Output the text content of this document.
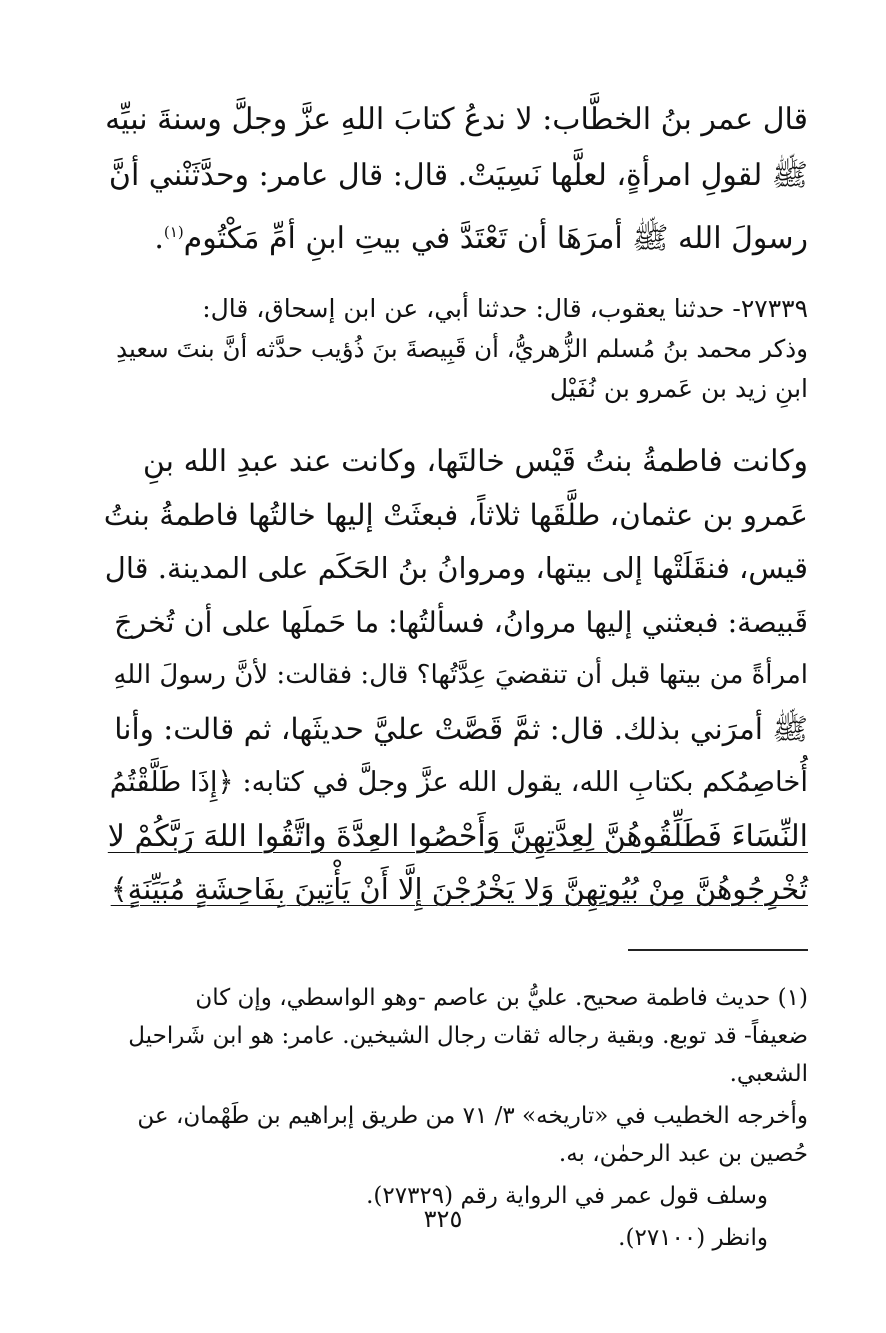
قال عمر بنُ الخطَّاب: لا ندعُ كتابَ اللهِ عزَّ وجلَّ وسنةَ نبيِّه
ﷺ لقولِ امرأةٍ، لعلَّها نَسِيَتْ. قال: قال عامر: وحدَّثَنْني أنَّ
رسولَ الله ﷺ أمرَهَا أن تَعْتَدَّ في بيتِ ابنِ أمِّ مَكْتُوم$^{(١)}$.
٢٧٣٣٩- حدثنا يعقوب، قال: حدثنا أبي، عن ابن إسحاق، قال:
وذكر محمد بنُ مُسلم الزُّهريُّ، أن قَبِيصةَ بنَ ذُؤيب حدَّثه أنَّ بنتَ سعيدِ
ابنِ زيد بن عَمرو بن نُفَيْل
وكانت فاطمةُ بنتُ قَيْس خالتَها، وكانت عند عبدِ الله بنِ
عَمرو بن عثمان، طلَّقَها ثلاثاً، فبعثَتْ إليها خالتُها فاطمةُ بنتُ
قيس، فنقَلَتْها إلى بيتها، ومروانُ بنُ الحَكَم على المدينة. قال
قَبيصة: فبعثني إليها مروانُ، فسألتُها: ما حَملَها على أن تُخرجَ
امرأةً من بيتها قبل أن تنقضيَ عِدَّتُها؟ قال: فقالت: لأنَّ رسولَ اللهِ
ﷺ أمرَني بذلك. قال: ثمَّ قَصَّتْ عليَّ حديثَها، ثم قالت: وأنا
أُخاصِمُكم بكتابِ الله، يقول الله عزَّ وجلَّ في كتابه: ﴿إِذَا طَلَّقْتُمُ
النِّسَاءَ فَطَلِّقُوهُنَّ لِعِدَّتِهِنَّ وَأَحْصُوا العِدَّةَ واتَّقُوا اللهَ رَبَّكُمْ لا
تُخْرِجُوهُنَّ مِنْ بُيُوتِهِنَّ وَلا يَخْرُجْنَ إِلَّا أَنْ يَأْتِينَ بِفَاحِشَةٍ مُبَيِّنَةٍ﴾
(١) حديث فاطمة صحيح. عليُّ بن عاصم -وهو الواسطي، وإن كان
ضعيفاً- قد توبع. وبقية رجاله ثقات رجال الشيخين. عامر: هو ابن شَراحيل
الشعبي.
وأخرجه الخطيب في «تاريخه» ٣/ ٧١ من طريق إبراهيم بن طَهْمان، عن
حُصين بن عبد الرحمٰن، به.
وسلف قول عمر في الرواية رقم (٢٧٣٢٩).
وانظر (٢٧١٠٠).
٣٢٥
